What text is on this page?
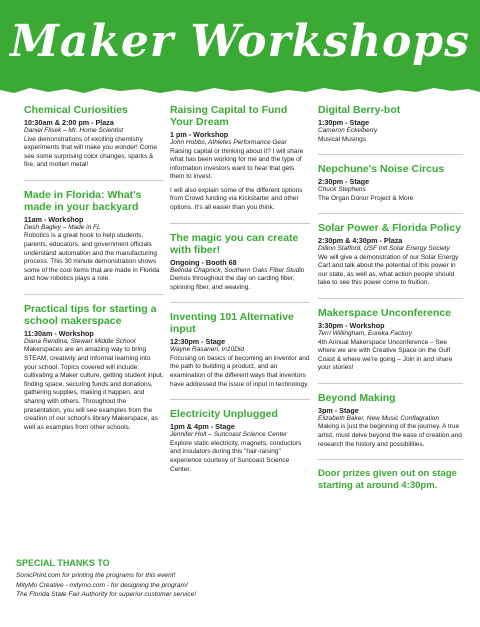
Maker Workshops
Chemical Curiosities
10:30am & 2:00 pm - Plaza
Daniel Flisek – Mr. Home Scientist
Live demonstrations of exciting chemistry experiments that will make you wonder! Come see some surprising color changes, sparks & fire, and molten metal!
Made in Florida: What's made in your backyard
11am - Workshop
Desh Bagley – Made in FL
Robotics is a great hook to help students, parents, educators, and government officials understand automation and the manufacturing process. This 30 minute demonstration shows some of the cool items that are made in Florida and how robotics plays a role.
Practical tips for starting a school makerspace
11:30am - Workshop
Diana Rendina, Stewart Middle School
Makerspaces are an amazing way to bring STEAM, creativity and informal learning into your school. Topics covered will include: cultivating a Maker culture, getting student input, finding space, securing funds and donations, gathering supplies, making it happen, and sharing with others. Throughout the presentation, you will see examples from the creation of our school's library Makerspace, as well as examples from other schools.
Raising Capital to Fund Your Dream
1 pm - Workshop
John Hobbs, Athletes Performance Gear
Raising capital or thinking about it? I will share what has been working for me and the type of information investors want to hear that gets them to invest.
I will also explain some of the different options from Crowd funding via Kickstarter and other options. It's all easier than you think.
The magic you can create with fiber!
Ongoing - Booth 68
Belinda Chapnick, Southern Oaks Fiber Studio
Demos throughout the day on carding fiber, spinning fiber, and weaving.
Inventing 101 Alternative input
12:30pm - Stage
Wayne Rasanen, In10Did
Focusing on basics of becoming an inventor and the path to building a product, and an examination of the different ways that inventors have addressed the issue of input in technology.
Electricity Unplugged
1pm & 4pm - Stage
Jennifer Holt – Suncoast Science Center
Explore static electricity, magnets, conductors and insulators during this "hair-raising" experience courtesy of Suncoast Science Center.
Digital Berry-bot
1:30pm - Stage
Cameron Eckelberry
Musical Musings
Nepchune's Noise Circus
2:30pm - Stage
Chuck Stephens
The Organ Donor Project & More
Solar Power & Florida Policy
2:30pm & 4:30pm - Plaza
Dillion Stafford, USF Intl Solar Energy Society
We will give a demonstration of our Solar Energy Cart and talk about the potential of this power in our state, as well as, what action people should take to see this power come to fruition.
Makerspace Unconference
3:30pm - Workshop
Terri Willingham, Eureka Factory
4th Annual Makerspace Unconference – See where we are with Creative Space on the Gulf Coast & where we're going – Join in and share your stories!
Beyond Making
3pm - Stage
Elizabeth Baker, New Music Conflagration
Making is just the beginning of the journey. A true artist, must delve beyond the ease of creation and research the history and possibilities.
Door prizes given out on stage starting at around 4:30pm.
SPECIAL THANKS TO
SonicPrint.com for printing the programs for this event!
MityMo Creative - mitymo.com - for designing the program!
The Florida State Fair Authority for superior customer service!
